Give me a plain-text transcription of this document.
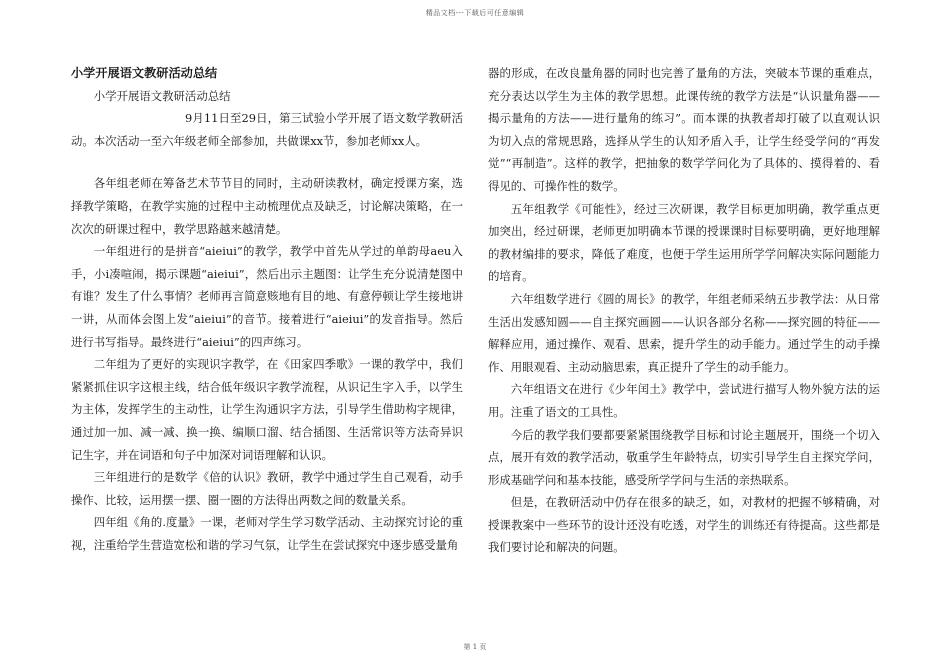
精品文档---下载后可任意编辑
小学开展语文教研活动总结

小学开展语文教研活动总结

9月11日至29日，第三试验小学开展了语文数学教研活动。本次活动一至六年级老师全部参加，共做课xx节，参加老师xx人。

各年组老师在筹备艺术节节目的同时，主动研读教材，确定授课方案，选择教学策略，在教学实施的过程中主动梳理优点及缺乏，讨论解决策略，在一次次的研课过程中，教学思路越来越清楚。

一年组进行的是拼音“aieiui”的教学，教学中首先从学过的单韵母aeu入手，小i凑喧闹，揭示课题“aieiui”，然后出示主题图：让学生充分说清楚图中有谁？发生了什么事情？老师再言简意赅地有目的地、有意停顿让学生接地讲一讲，从而体会图上发“aieiui”的音节。接着进行“aieiui”的发音指导。然后进行书写指导。最终进行“aieiui”的四声练习。

二年组为了更好的实现识字教学，在《田家四季歌》一课的教学中，我们紧紧抓住识字这根主线，结合低年级识字教学流程，从识记生字入手，以学生为主体，发挥学生的主动性，让学生沟通识字方法，引导学生借助构字规律，通过加一加、减一减、换一换、编顺口溜、结合插图、生活常识等方法奇异识记生字，并在词语和句子中加深对词语理解和认识。

三年组进行的是数学《倍的认识》教研，教学中通过学生自己观看，动手操作、比较，运用摆一摆、圈一圈的方法得出两数之间的数量关系。

四年组《角的.度量》一课，老师对学生学习数学活动、主动探究讨论的重视，注重给学生营造宽松和谐的学习气氛，让学生在尝试探究中逐步感受量角

器的形成，在改良量角器的同时也完善了量角的方法，突破本节课的重难点，充分表达以学生为主体的教学思想。此课传统的教学方法是“认识量角器——揭示量角的方法——进行量角的练习”。而本课的执教者却打破了以直观认识为切入点的常规思路，选择从学生的认知矛盾入手，让学生经受学问的“再发觉”“再制造”。这样的教学，把抽象的数学学问化为了具体的、摸得着的、看得见的、可操作性的数学。

五年组教学《可能性》，经过三次研课，教学目标更加明确，教学重点更加突出，经过研课，老师更加明确本节课的授课课时目标要明确，更好地理解的教材编排的要求，降低了难度，也便于学生运用所学学问解决实际问题能力的培育。

六年组数学进行《圆的周长》的教学，年组老师采纳五步教学法：从日常生活出发感知圆——自主探究画圆——认识各部分名称——探究圆的特征——解释应用，通过操作、观看、思索，提升学生的动手能力。通过学生的动手操作、用眼观看、主动动脑思索，真正提升了学生的动手能力。

六年组语文在进行《少年闰土》教学中，尝试进行描写人物外貌方法的运用。注重了语文的工具性。

今后的教学我们要都要紧紧围绕教学目标和讨论主题展开，围绕一个切入点，展开有效的教学活动，敬重学生年龄特点，切实引导学生自主探究学问，形成基础学问和基本技能，感受所学学问与生活的亲热联系。

但是，在教研活动中仍存在很多的缺乏，如，对教材的把握不够精确，对授课教案中一些环节的设计还没有吃透，对学生的训练还有待提高。这些都是我们要讨论和解决的问题。

第 1 页
